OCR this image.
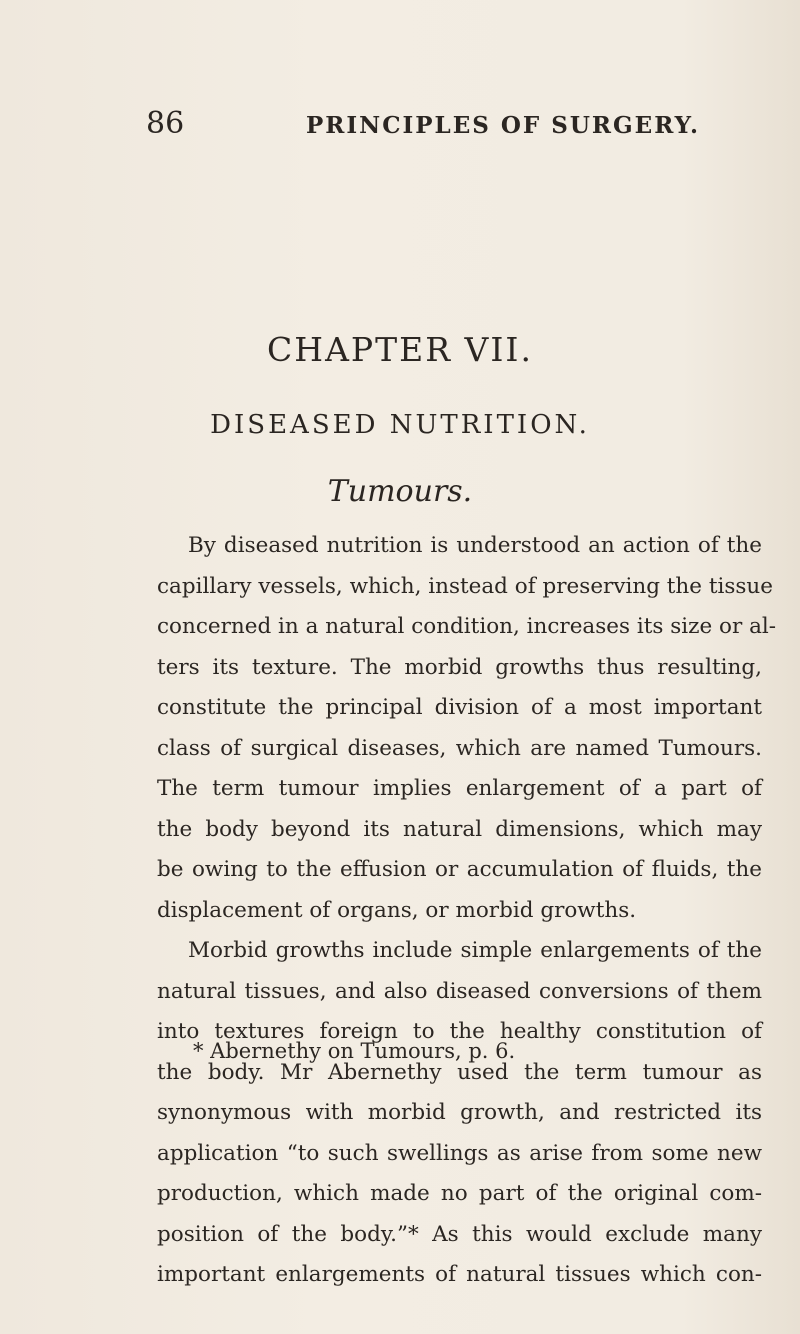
86	PRINCIPLES OF SURGERY.
CHAPTER VII.
DISEASED NUTRITION.
Tumours.
By diseased nutrition is understood an action of the
capillary vessels, which, instead of preserving the tissue
concerned in a natural condition, increases its size or al-
ters its texture. The morbid growths thus resulting,
constitute the principal division of a most important
class of surgical diseases, which are named Tumours.
The term tumour implies enlargement of a part of
the body beyond its natural dimensions, which may
be owing to the effusion or accumulation of fluids, the
displacement of organs, or morbid growths.
Morbid growths include simple enlargements of the
natural tissues, and also diseased conversions of them
into textures foreign to the healthy constitution of
the body. Mr Abernethy used the term tumour as
synonymous with morbid growth, and restricted its
application “to such swellings as arise from some new
production, which made no part of the original com-
position of the body.”* As this would exclude many
important enlargements of natural tissues which con-
* Abernethy on Tumours, p. 6.
